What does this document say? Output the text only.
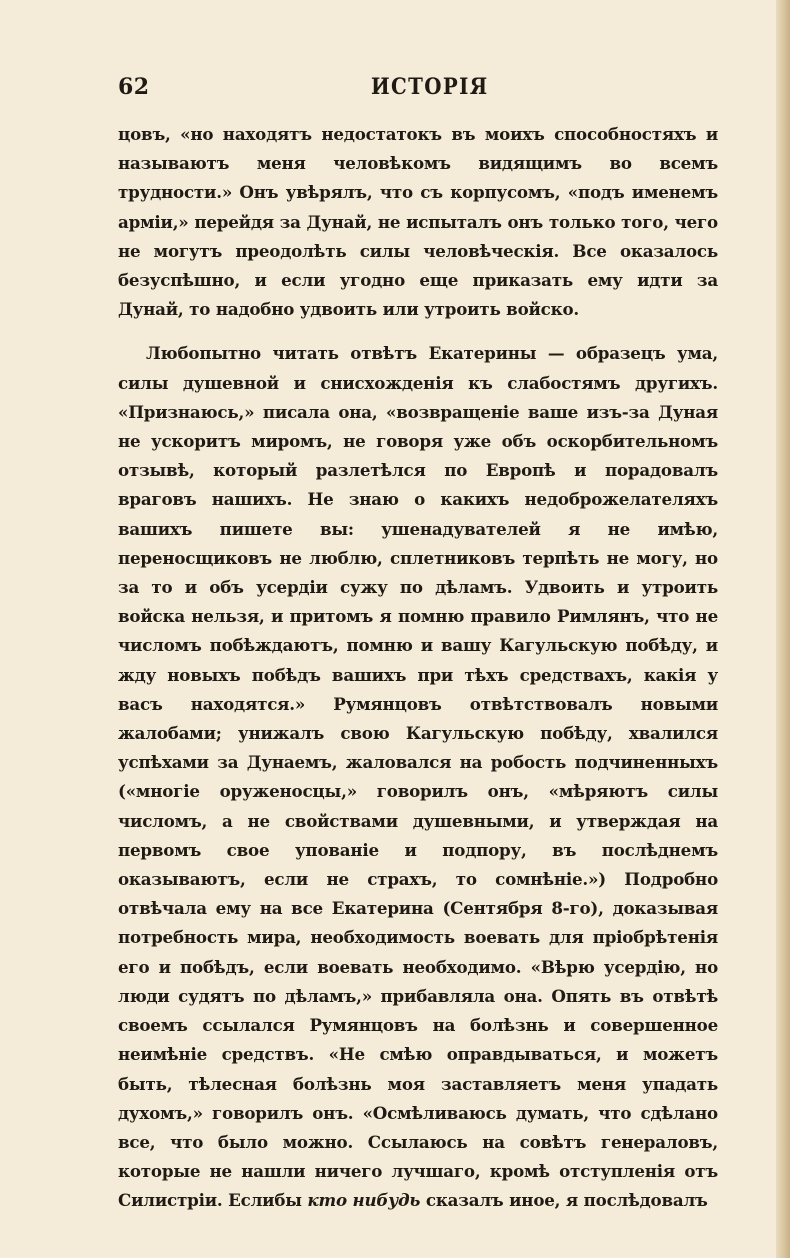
62	ИСТОРІЯ

цовъ, «но находятъ недостатокъ въ моихъ способностяхъ и называютъ меня человѣкомъ видящимъ во всемъ трудности.» Онъ увѣрялъ, что съ корпусомъ, «подъ именемъ арміи,» перейдя за Дунай, не испыталъ онъ только того, чего не могутъ преодолѣть силы человѣческія. Все оказалось безуспѣшно, и если угодно еще приказать ему идти за Дунай, то надобно удвоить или утроить войско.

Любопытно читать отвѣтъ Екатерины — образецъ ума, силы душевной и снисхожденія къ слабостямъ другихъ. «Признаюсь,» писала она, «возвращеніе ваше изъ-за Дуная не ускоритъ миромъ, не говоря уже объ оскорбительномъ отзывѣ, который разлетѣлся по Европѣ и порадовалъ враговъ нашихъ. Не знаю о какихъ недоброжелателяхъ вашихъ пишете вы: ушенадувателей я не имѣю, переносщиковъ не люблю, сплетниковъ терпѣть не могу, но за то и объ усердіи сужу по дѣламъ. Удвоить и утроить войска нельзя, и притомъ я помню правило Римлянъ, что не числомъ побѣждаютъ, помню и вашу Кагульскую побѣду, и жду новыхъ побѣдъ вашихъ при тѣхъ средствахъ, какія у васъ находятся.» Румянцовъ отвѣтствовалъ новыми жалобами; унижалъ свою Кагульскую побѣду, хвалился успѣхами за Дунаемъ, жаловался на робость подчиненныхъ («многіе оруженосцы,» говорилъ онъ, «мѣряютъ силы числомъ, а не свойствами душевными, и утверждая на первомъ свое упованіе и подпору, въ послѣднемъ оказываютъ, если не страхъ, то сомнѣніе.») Подробно отвѣчала ему на все Екатерина (Сентября 8-го), доказывая потребность мира, необходимость воевать для пріобрѣтенія его и побѣдъ, если воевать необходимо. «Вѣрю усердію, но люди судятъ по дѣламъ,» прибавляла она. Опять въ отвѣтѣ своемъ ссылался Румянцовъ на болѣзнь и совершенное неимѣніе средствъ. «Не смѣю оправдываться, и можетъ быть, тѣлесная болѣзнь моя заставляетъ меня упадать духомъ,» говорилъ онъ. «Осмѣливаюсь думать, что сдѣлано все, что было можно. Ссылаюсь на совѣтъ генераловъ, которые не нашли ничего лучшаго, кромѣ отступленія отъ Силистріи. Еслибы кто нибудь сказалъ иное, я послѣдовалъ
